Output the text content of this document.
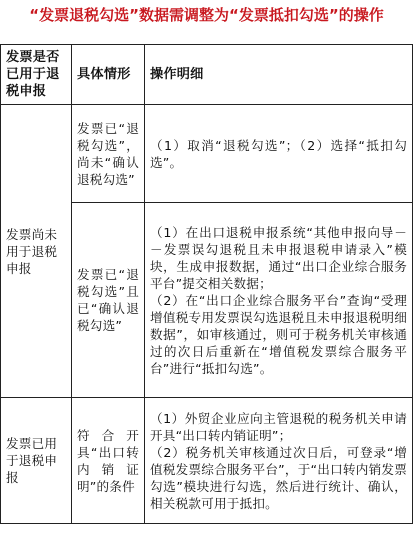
“发票退税勾选”数据需调整为“发票抵扣勾选”的操作
发票是否已用于退税申报	具体情形	操作明细
发票尚未用于退税申报	发票已“退税勾选”，尚未“确认退税勾选”	（1）取消“退税勾选”；（2）选择“抵扣勾选”。

	发票已“退税勾选”且已“确认退税勾选”	（1）在出口退税申报系统“其他申报向导－－发票误勾退税且未申报退税申请录入”模块，生成申报数据，通过“出口企业综合服务平台”提交相关数据；
（2）在“出口企业综合服务平台”查询“受理增值税专用发票误勾选退税且未申报退税明细数据”，如审核通过，则可于税务机关审核通过的次日后重新在“增值税发票综合服务平台”进行“抵扣勾选”。

发票已用于退税申报	符合开具“出口转内销证明”的条件	（1）外贸企业应向主管退税的税务机关申请开具“出口转内销证明”；
（2）税务机关审核通过次日后，可登录“增值税发票综合服务平台”，于“出口转内销发票勾选”模块进行勾选，然后进行统计、确认，相关税款可用于抵扣。
